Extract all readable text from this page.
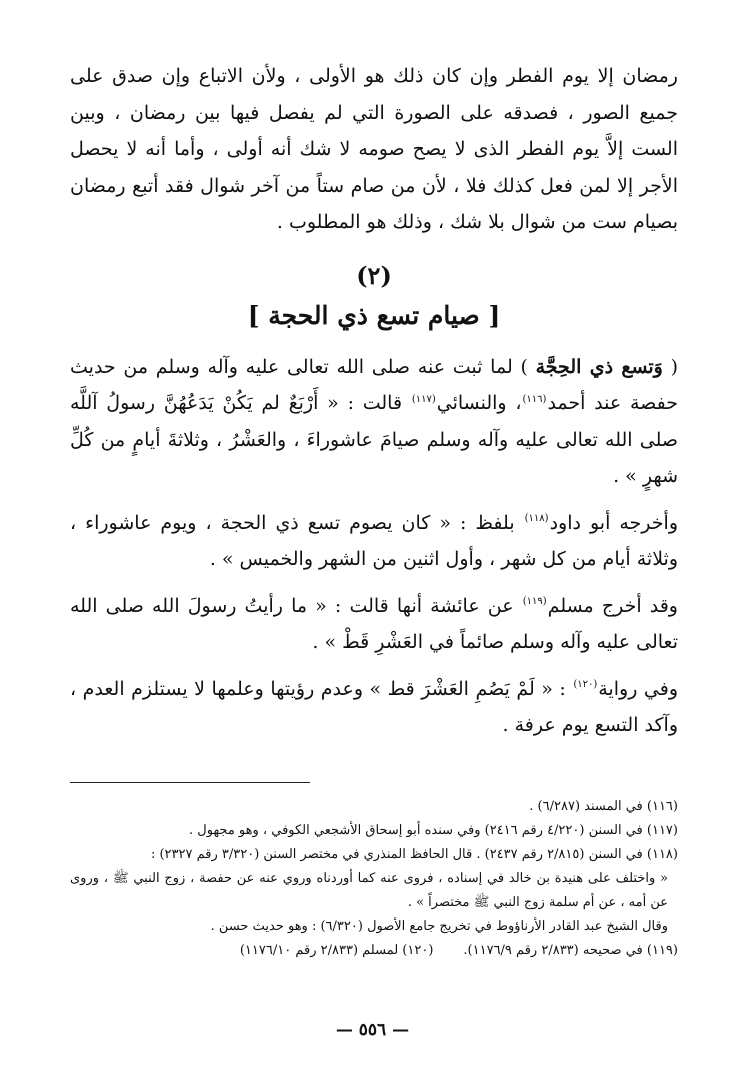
رمضان إلا يوم الفطر وإن كان ذلك هو الأولى ، ولأن الاتباع وإن صدق على جميع الصور ، فصدقه على الصورة التي لم يفصل فيها بين رمضان ، وبين الست إلاَّ يوم الفطر الذى لا يصح صومه لا شك أنه أولى ، وأما أنه لا يحصل الأجر إلا لمن فعل كذلك فلا ، لأن من صام ستاً من آخر شوال فقد أتبع رمضان بصيام ست من شوال بلا شك ، وذلك هو المطلوب .

(٢)
[ صيام تسع ذي الحجة ]

( وَتسع ذي الحِجَّة ) لما ثبت عنه صلى الله تعالى عليه وآله وسلم من حديث حفصة عند أحمد$^{(١١٦)}$، والنسائي$^{(١١٧)}$ قالت : « أَرْبَعٌ لم يَكُنْ يَدَعُهُنَّ رسولُ آللَّه صلى الله تعالى عليه وآله وسلم صيامَ عاشوراءَ ، والعَشْرُ ، وثلاثةَ أيامٍ من كُلِّ شهرٍ » .

وأخرجه أبو داود$^{(١١٨)}$ بلفظ : « كان يصوم تسع ذي الحجة ، ويوم عاشوراء ، وثلاثة أيام من كل شهر ، وأول اثنين من الشهر والخميس » .

وقد أخرج مسلم$^{(١١٩)}$ عن عائشة أنها قالت : « ما رأيتُ رسولَ الله صلى الله تعالى عليه وآله وسلم صائماً في العَشْرِ قَطْ » .

وفي رواية$^{(١٢٠)}$ : « لَمْ يَصُمِ العَشْرَ قط » وعدم رؤيتها وعلمها لا يستلزم العدم ، وآكد التسع يوم عرفة .

(١١٦) في المسند (٦/٢٨٧) .

(١١٧) في السنن (٤/٢٢٠ رقم ٢٤١٦) وفي سنده أبو إسحاق الأشجعي الكوفي ، وهو مجهول .

(١١٨) في السنن (٢/٨١٥ رقم ٢٤٣٧) . قال الحافظ المنذري في مختصر السنن (٣/٣٢٠ رقم ٢٣٢٧) :

« واختلف على هنيدة بن خالد في إسناده ، فروى عنه كما أوردناه وروي عنه عن حفصة ، زوج النبي ﷺ ، وروى عن أمه ، عن أم سلمة زوج النبي ﷺ مختصراً » .

وقال الشيخ عبد القادر الأرناؤوط في تخريج جامع الأصول (٦/٣٢٠) : وهو حديث حسن .

(١١٩) في صحيحه (٢/٨٣٣ رقم ١١٧٦/٩).
(١٢٠) لمسلم (٢/٨٣٣ رقم ١١٧٦/١٠)
— ٥٥٦ —
